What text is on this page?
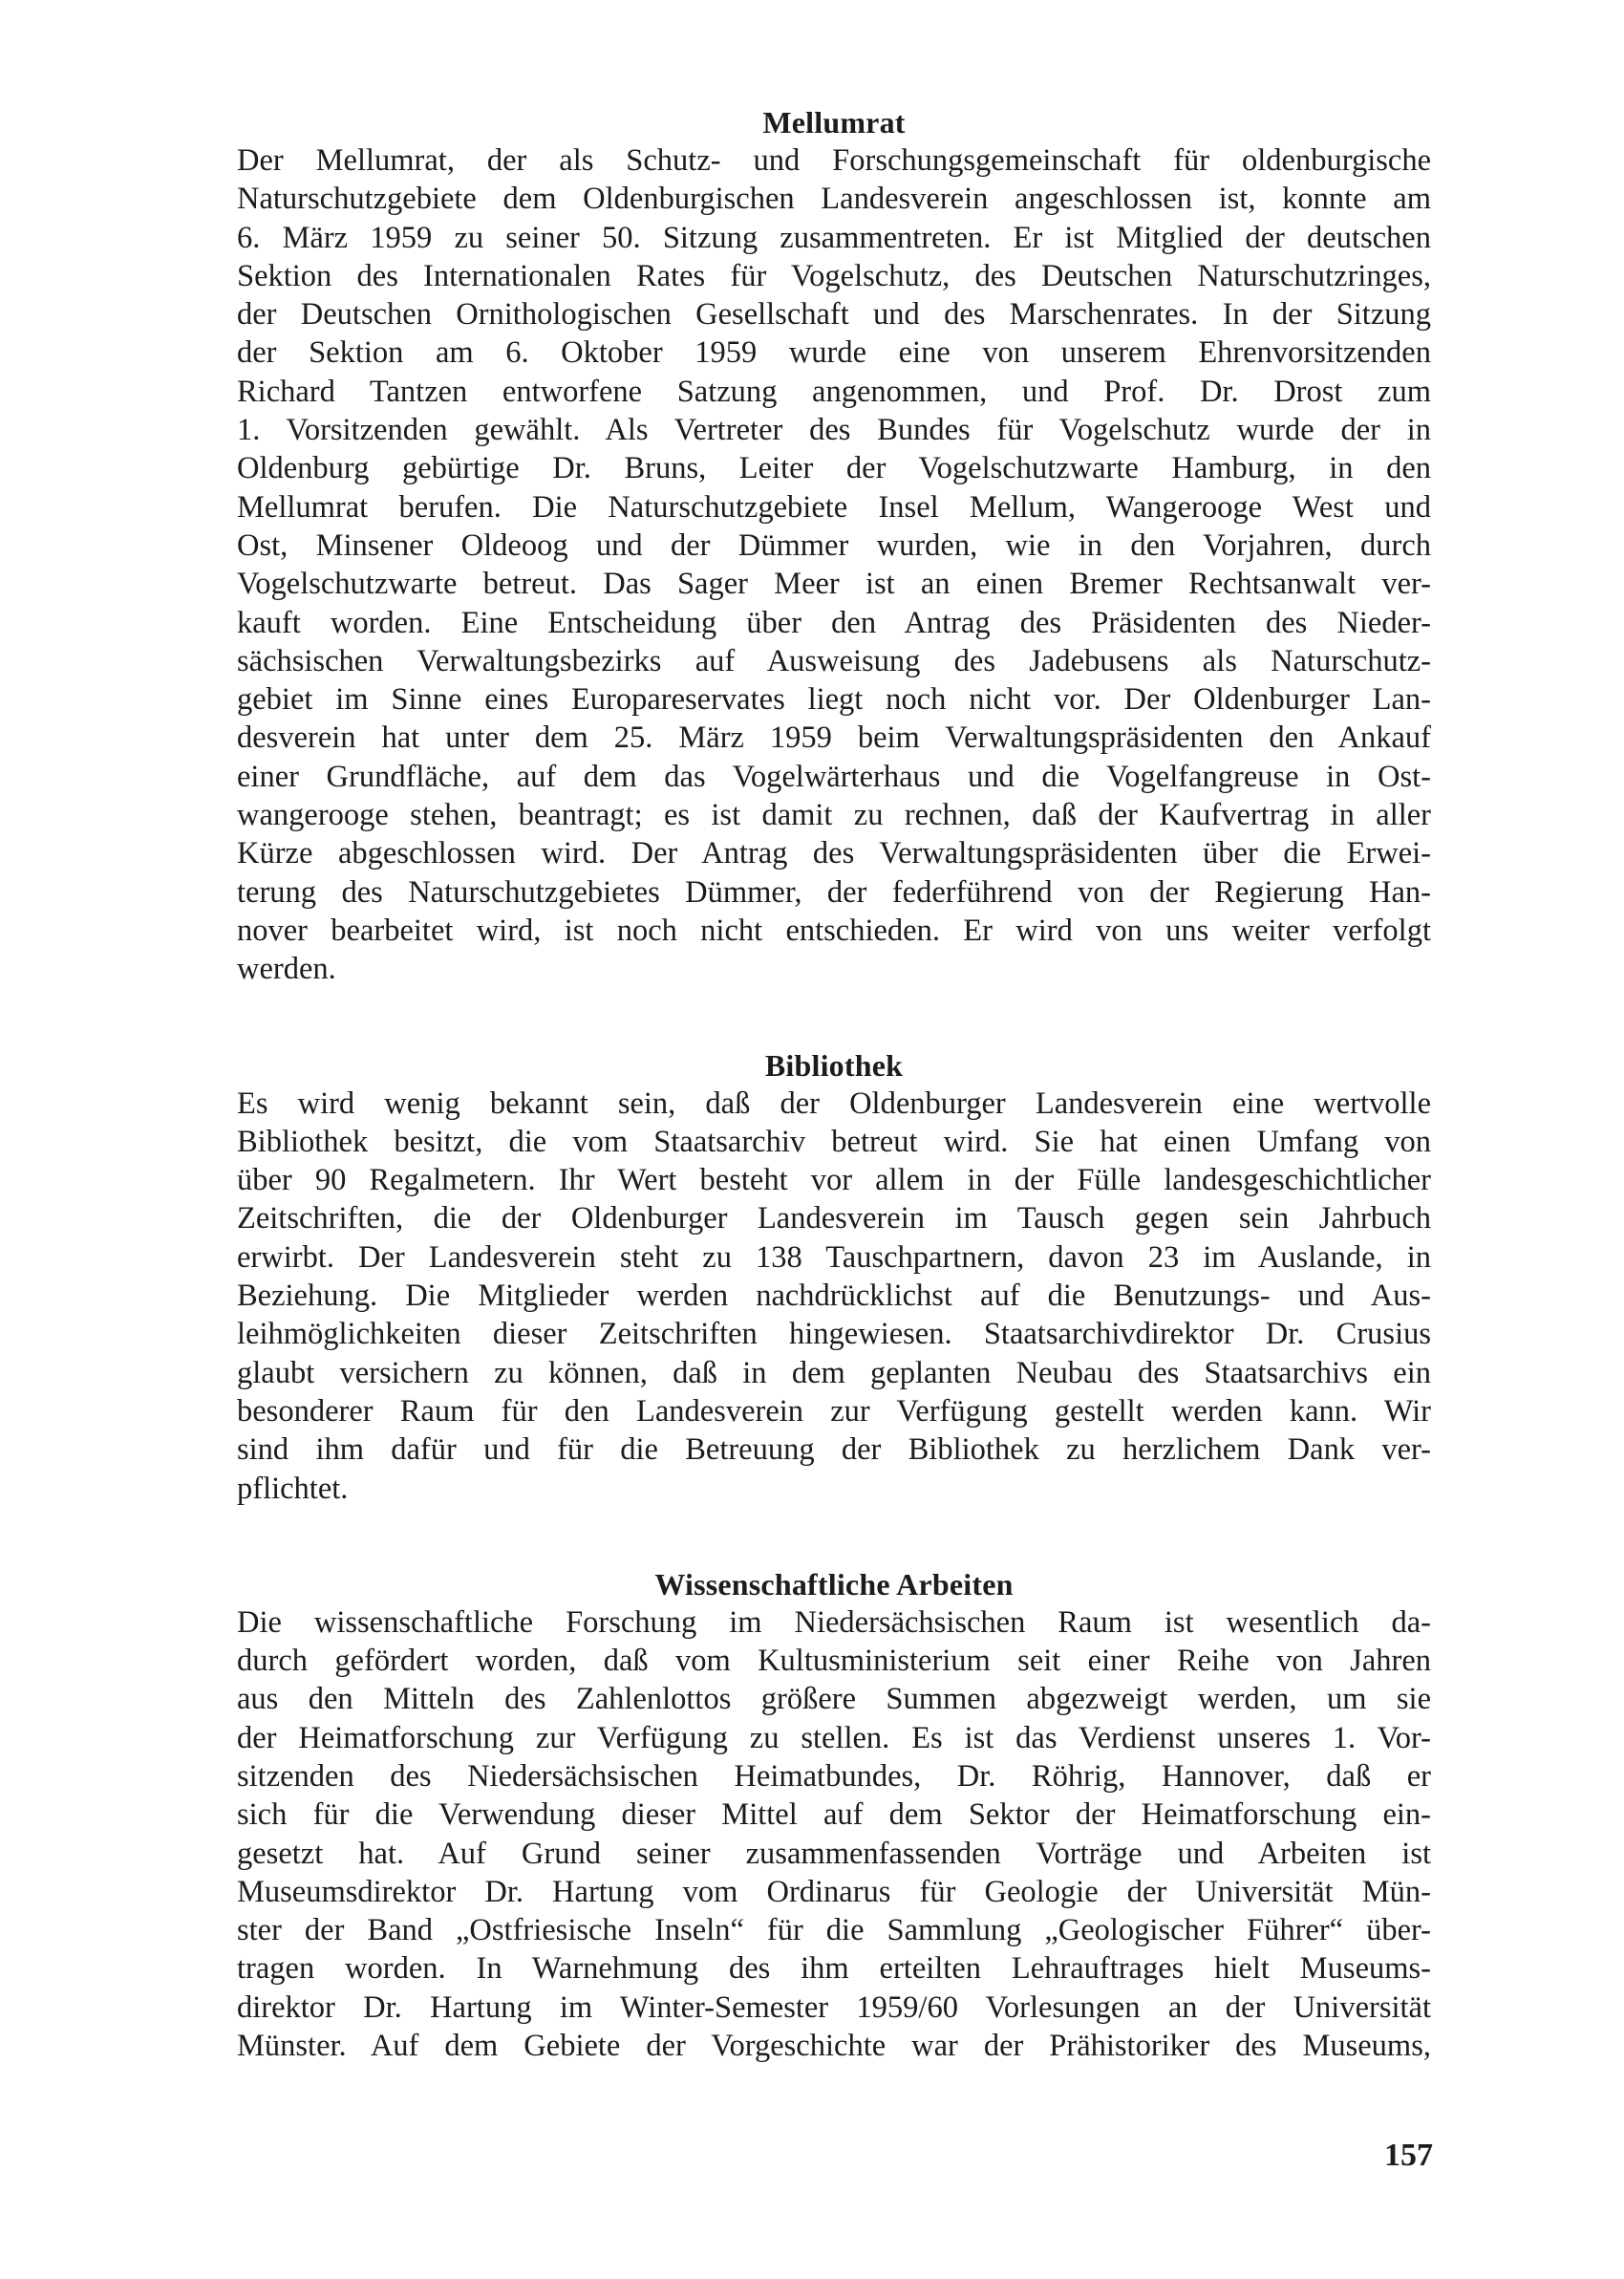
Mellumrat

Der Mellumrat, der als Schutz- und Forschungsgemeinschaft für oldenburgische
Naturschutzgebiete dem Oldenburgischen Landesverein angeschlossen ist, konnte am
6. März 1959 zu seiner 50. Sitzung zusammentreten. Er ist Mitglied der deutschen
Sektion des Internationalen Rates für Vogelschutz, des Deutschen Naturschutzringes,
der Deutschen Ornithologischen Gesellschaft und des Marschenrates. In der Sitzung
der Sektion am 6. Oktober 1959 wurde eine von unserem Ehrenvorsitzenden
Richard Tantzen entworfene Satzung angenommen, und Prof. Dr. Drost zum
1. Vorsitzenden gewählt. Als Vertreter des Bundes für Vogelschutz wurde der in
Oldenburg gebürtige Dr. Bruns, Leiter der Vogelschutzwarte Hamburg, in den
Mellumrat berufen. Die Naturschutzgebiete Insel Mellum, Wangerooge West und
Ost, Minsener Oldeoog und der Dümmer wurden, wie in den Vorjahren, durch
Vogelschutzwarte betreut. Das Sager Meer ist an einen Bremer Rechtsanwalt ver-
kauft worden. Eine Entscheidung über den Antrag des Präsidenten des Nieder-
sächsischen Verwaltungsbezirks auf Ausweisung des Jadebusens als Naturschutz-
gebiet im Sinne eines Europareservates liegt noch nicht vor. Der Oldenburger Lan-
desverein hat unter dem 25. März 1959 beim Verwaltungspräsidenten den Ankauf
einer Grundfläche, auf dem das Vogelwärterhaus und die Vogelfangreuse in Ost-
wangerooge stehen, beantragt; es ist damit zu rechnen, daß der Kaufvertrag in aller
Kürze abgeschlossen wird. Der Antrag des Verwaltungspräsidenten über die Erwei-
terung des Naturschutzgebietes Dümmer, der federführend von der Regierung Han-
nover bearbeitet wird, ist noch nicht entschieden. Er wird von uns weiter verfolgt
werden.

Bibliothek

Es wird wenig bekannt sein, daß der Oldenburger Landesverein eine wertvolle
Bibliothek besitzt, die vom Staatsarchiv betreut wird. Sie hat einen Umfang von
über 90 Regalmetern. Ihr Wert besteht vor allem in der Fülle landesgeschichtlicher
Zeitschriften, die der Oldenburger Landesverein im Tausch gegen sein Jahrbuch
erwirbt. Der Landesverein steht zu 138 Tauschpartnern, davon 23 im Auslande, in
Beziehung. Die Mitglieder werden nachdrücklichst auf die Benutzungs- und Aus-
leihmöglichkeiten dieser Zeitschriften hingewiesen. Staatsarchivdirektor Dr. Crusius
glaubt versichern zu können, daß in dem geplanten Neubau des Staatsarchivs ein
besonderer Raum für den Landesverein zur Verfügung gestellt werden kann. Wir
sind ihm dafür und für die Betreuung der Bibliothek zu herzlichem Dank ver-
pflichtet.

Wissenschaftliche Arbeiten

Die wissenschaftliche Forschung im Niedersächsischen Raum ist wesentlich da-
durch gefördert worden, daß vom Kultusministerium seit einer Reihe von Jahren
aus den Mitteln des Zahlenlottos größere Summen abgezweigt werden, um sie
der Heimatforschung zur Verfügung zu stellen. Es ist das Verdienst unseres 1. Vor-
sitzenden des Niedersächsischen Heimatbundes, Dr. Röhrig, Hannover, daß er
sich für die Verwendung dieser Mittel auf dem Sektor der Heimatforschung ein-
gesetzt hat. Auf Grund seiner zusammenfassenden Vorträge und Arbeiten ist
Museumsdirektor Dr. Hartung vom Ordinarus für Geologie der Universität Mün-
ster der Band „Ostfriesische Inseln“ für die Sammlung „Geologischer Führer“ über-
tragen worden. In Warnehmung des ihm erteilten Lehrauftrages hielt Museums-
direktor Dr. Hartung im Winter-Semester 1959/60 Vorlesungen an der Universität
Münster. Auf dem Gebiete der Vorgeschichte war der Prähistoriker des Museums,

157
